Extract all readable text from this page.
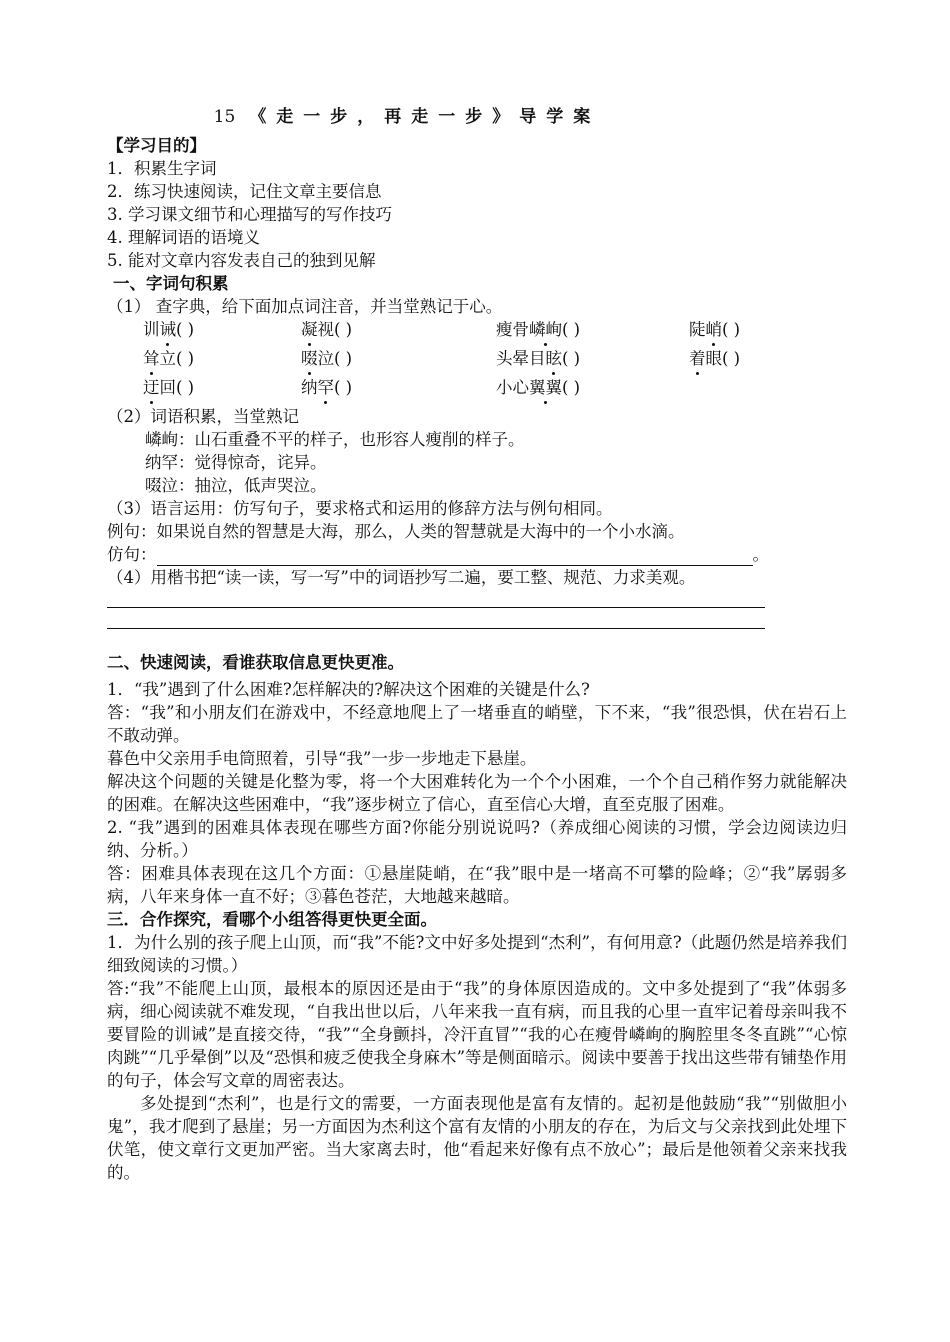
15 《走一步，再走一步》导学案
【学习目的】
1．积累生字词
2．练习快速阅读，记住文章主要信息
3. 学习课文细节和心理描写的写作技巧
4. 理解词语的语境义
5. 能对文章内容发表自己的独到见解
一、字词句积累
（1） 查字典，给下面加点词注音，并当堂熟记于心。
训诫( )	凝视( )	瘦骨嶙峋( )	陡峭( )
耸立( )	啜泣( )	头晕目眩( )	着眼( )
迂回( )	纳罕( )	小心翼翼( )
（2）词语积累，当堂熟记
嶙峋：山石重叠不平的样子，也形容人瘦削的样子。
纳罕：觉得惊奇，诧异。
啜泣：抽泣，低声哭泣。
（3）语言运用：仿写句子，要求格式和运用的修辞方法与例句相同。
例句：如果说自然的智慧是大海，那么，人类的智慧就是大海中的一个小水滴。
仿句：	。
（4）用楷书把“读一读，写一写”中的词语抄写二遍，要工整、规范、力求美观。
二、快速阅读，看谁获取信息更快更准。
1．“我”遇到了什么困难?怎样解决的?解决这个困难的关键是什么?
答：“我”和小朋友们在游戏中，不经意地爬上了一堵垂直的峭壁，下不来，“我”很恐惧，伏在岩石上不敢动弹。
暮色中父亲用手电筒照着，引导“我”一步一步地走下悬崖。
解决这个问题的关键是化整为零，将一个大困难转化为一个个小困难，一个个自己稍作努力就能解决的困难。在解决这些困难中，“我”逐步树立了信心，直至信心大增，直至克服了困难。
2. “我”遇到的困难具体表现在哪些方面?你能分别说说吗?（养成细心阅读的习惯，学会边阅读边归纳、分析。）
答：困难具体表现在这几个方面：①悬崖陡峭，在“我”眼中是一堵高不可攀的险峰；②“我”孱弱多病，八年来身体一直不好；③暮色苍茫，大地越来越暗。
三．合作探究，看哪个小组答得更快更全面。
1．为什么别的孩子爬上山顶，而“我”不能?文中好多处提到“杰利”，有何用意?（此题仍然是培养我们细致阅读的习惯。）
答:“我”不能爬上山顶，最根本的原因还是由于“我”的身体原因造成的。文中多处提到了“我”体弱多病，细心阅读就不难发现，“自我出世以后，八年来我一直有病，而且我的心里一直牢记着母亲叫我不要冒险的训诫”是直接交待，“我”“全身颤抖，冷汗直冒”“我的心在瘦骨嶙峋的胸腔里冬冬直跳”“心惊肉跳”“几乎晕倒”以及“恐惧和疲乏使我全身麻木”等是侧面暗示。阅读中要善于找出这些带有铺垫作用的句子，体会写文章的周密表达。
多处提到“杰利”，也是行文的需要，一方面表现他是富有友情的。起初是他鼓励“我”“别做胆小鬼”，我才爬到了悬崖；另一方面因为杰利这个富有友情的小朋友的存在，为后文与父亲找到此处埋下伏笔，使文章行文更加严密。当大家离去时，他“看起来好像有点不放心”；最后是他领着父亲来找我的。
